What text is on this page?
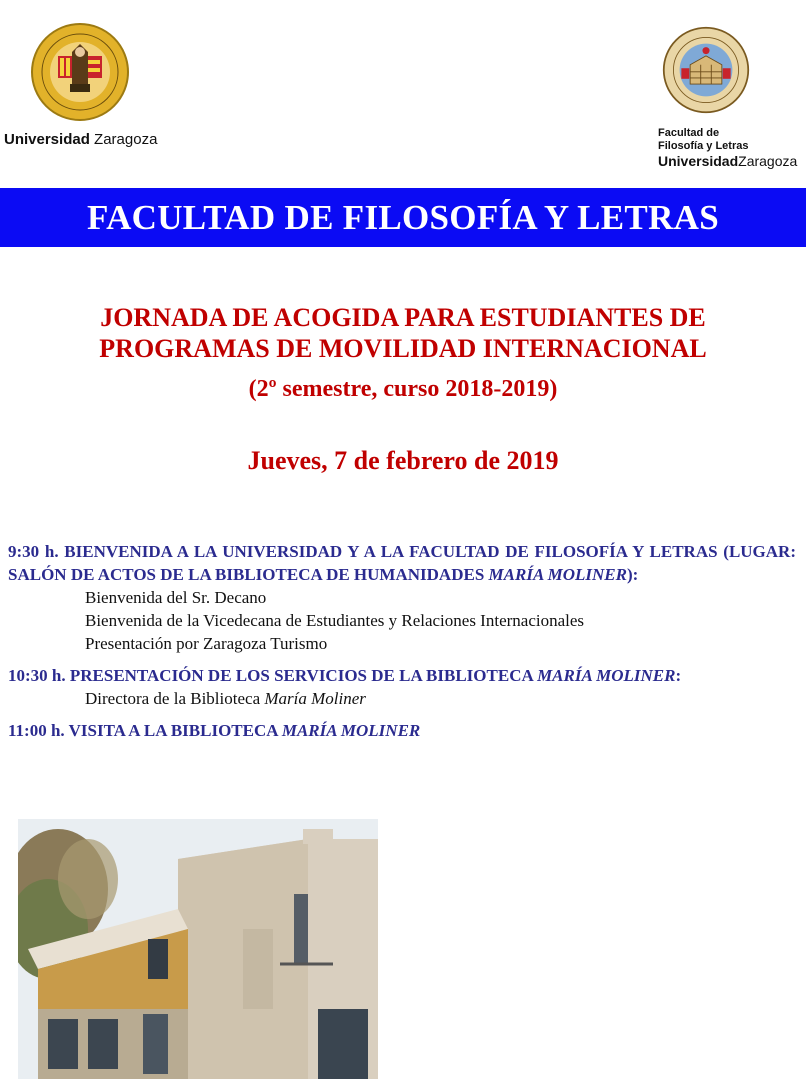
Universidad Zaragoza	Facultad de
Filosofía y Letras
UniversidadZaragoza
FACULTAD DE FILOSOFÍA Y LETRAS
JORNADA DE ACOGIDA PARA ESTUDIANTES DE
PROGRAMAS DE MOVILIDAD INTERNACIONAL
(2º semestre, curso 2018-2019)
Jueves, 7 de febrero de 2019

9:30 h. BIENVENIDA A LA UNIVERSIDAD Y A LA FACULTAD DE FILOSOFÍA Y LETRAS (LUGAR: SALÓN DE ACTOS DE LA BIBLIOTECA DE HUMANIDADES MARÍA MOLINER):

Bienvenida del Sr. Decano

Bienvenida de la Vicedecana de Estudiantes y Relaciones Internacionales

Presentación por Zaragoza Turismo

10:30 h. PRESENTACIÓN DE LOS SERVICIOS DE LA BIBLIOTECA MARÍA MOLINER:

Directora de la Biblioteca María Moliner

11:00 h. VISITA A LA BIBLIOTECA MARÍA MOLINER
